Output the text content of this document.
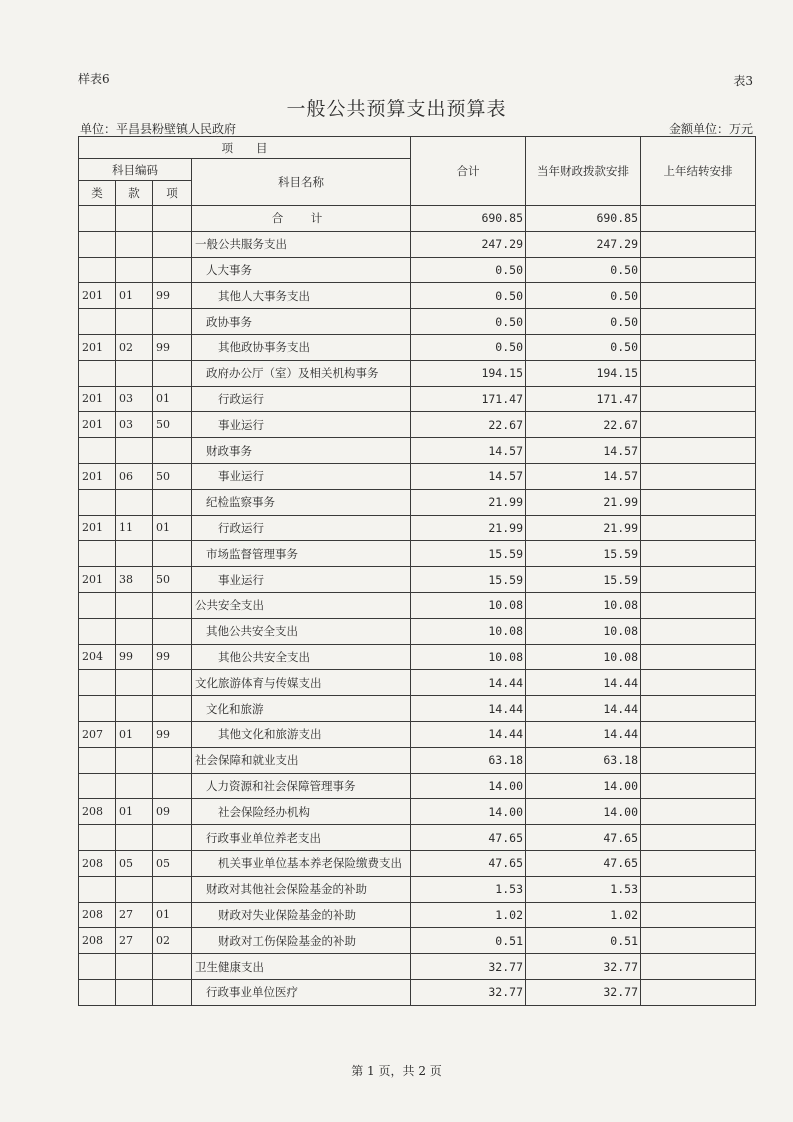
样表6	表3
一般公共预算支出预算表
单位：平昌县粉壁镇人民政府	金额单位：万元
项　　目				合计	当年财政拨款安排	上年结转安排
科目编码			科目名称			
类	款	项				
			合　计	690.85	690.85	
			一般公共服务支出	247.29	247.29	
			人大事务	0.50	0.50	
201	01	99	其他人大事务支出	0.50	0.50	
			政协事务	0.50	0.50	
201	02	99	其他政协事务支出	0.50	0.50	
			政府办公厅（室）及相关机构事务	194.15	194.15	
201	03	01	行政运行	171.47	171.47	
201	03	50	事业运行	22.67	22.67	
			财政事务	14.57	14.57	
201	06	50	事业运行	14.57	14.57	
			纪检监察事务	21.99	21.99	
201	11	01	行政运行	21.99	21.99	
			市场监督管理事务	15.59	15.59	
201	38	50	事业运行	15.59	15.59	
			公共安全支出	10.08	10.08	
			其他公共安全支出	10.08	10.08	
204	99	99	其他公共安全支出	10.08	10.08	
			文化旅游体育与传媒支出	14.44	14.44	
			文化和旅游	14.44	14.44	
207	01	99	其他文化和旅游支出	14.44	14.44	
			社会保障和就业支出	63.18	63.18	
			人力资源和社会保障管理事务	14.00	14.00	
208	01	09	社会保险经办机构	14.00	14.00	
			行政事业单位养老支出	47.65	47.65	
208	05	05	机关事业单位基本养老保险缴费支出	47.65	47.65	
			财政对其他社会保险基金的补助	1.53	1.53	
208	27	01	财政对失业保险基金的补助	1.02	1.02	
208	27	02	财政对工伤保险基金的补助	0.51	0.51	
			卫生健康支出	32.77	32.77	
			行政事业单位医疗	32.77	32.77	
第 1 页，共 2 页
